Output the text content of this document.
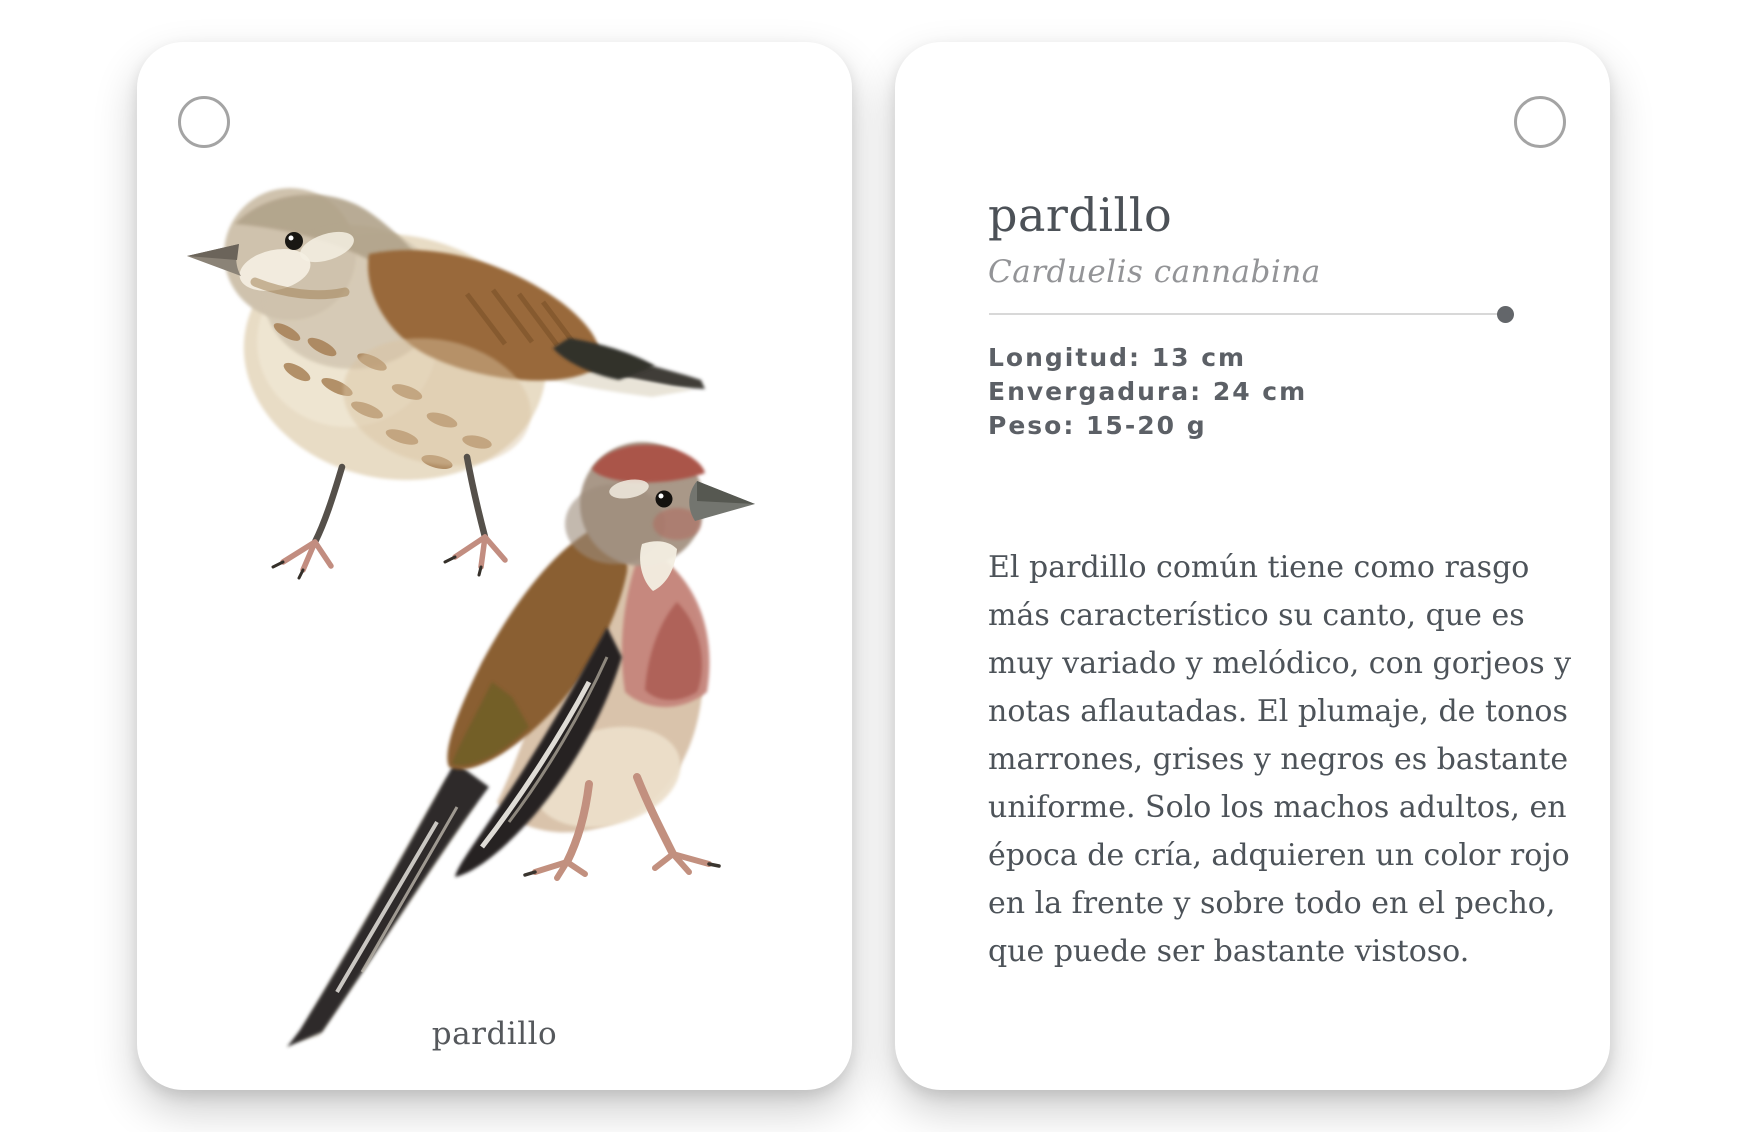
pardillo
pardillo
Carduelis cannabina
Longitud: 13 cm
Envergadura: 24 cm
Peso: 15-20 g
El pardillo común tiene como rasgo
más característico su canto, que es
muy variado y melódico, con gorjeos y
notas aflautadas. El plumaje, de tonos
marrones, grises y negros es bastante
uniforme. Solo los machos adultos, en
época de cría, adquieren un color rojo
en la frente y sobre todo en el pecho,
que puede ser bastante vistoso.
